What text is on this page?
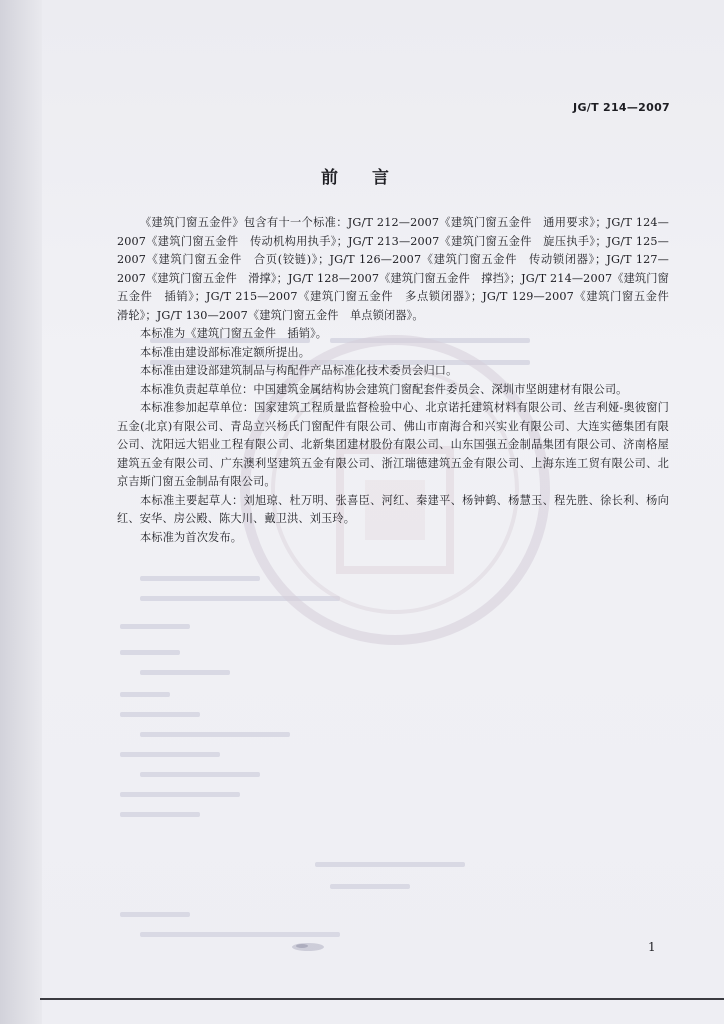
JG/T 214—2007
前 言

《建筑门窗五金件》包含有十一个标准：JG/T 212—2007《建筑门窗五金件　通用要求》；JG/T 124—2007《建筑门窗五金件　传动机构用执手》；JG/T 213—2007《建筑门窗五金件　旋压执手》；JG/T 125—2007《建筑门窗五金件　合页(铰链)》；JG/T 126—2007《建筑门窗五金件　传动锁闭器》；JG/T 127—2007《建筑门窗五金件　滑撑》；JG/T 128—2007《建筑门窗五金件　撑挡》；JG/T 214—2007《建筑门窗五金件　插销》；JG/T 215—2007《建筑门窗五金件　多点锁闭器》；JG/T 129—2007《建筑门窗五金件　滑轮》；JG/T 130—2007《建筑门窗五金件　单点锁闭器》。

本标准为《建筑门窗五金件　插销》。

本标准由建设部标准定额所提出。

本标准由建设部建筑制品与构配件产品标准化技术委员会归口。

本标准负责起草单位：中国建筑金属结构协会建筑门窗配套件委员会、深圳市坚朗建材有限公司。

本标准参加起草单位：国家建筑工程质量监督检验中心、北京诺托建筑材料有限公司、丝吉利娅-奥彼窗门五金(北京)有限公司、青岛立兴杨氏门窗配件有限公司、佛山市南海合和兴实业有限公司、大连实德集团有限公司、沈阳远大铝业工程有限公司、北新集团建材股份有限公司、山东国强五金制品集团有限公司、济南格屋建筑五金有限公司、广东澳利坚建筑五金有限公司、浙江瑞德建筑五金有限公司、上海东连工贸有限公司、北京吉斯门窗五金制品有限公司。

本标准主要起草人：刘旭琼、杜万明、张喜臣、河红、秦建平、杨钟鹤、杨慧玉、程先胜、徐长利、杨向红、安华、房公殿、陈大川、戴卫洪、刘玉玲。

本标准为首次发布。

1
